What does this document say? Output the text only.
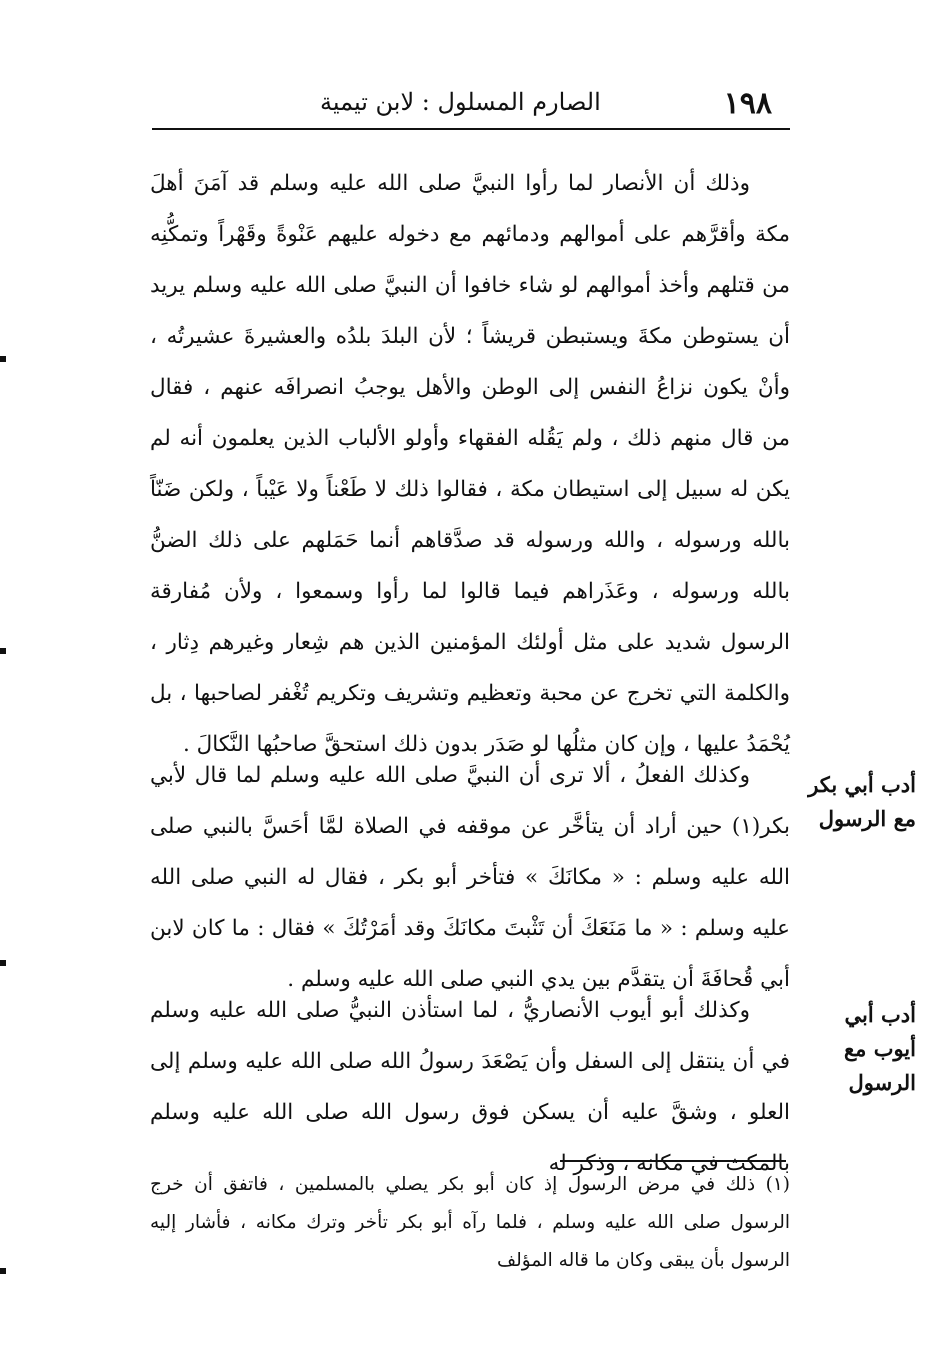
١٩٨
الصارم المسلول : لابن تيمية
وذلك أن الأنصار لما رأوا النبيَّ صلى الله عليه وسلم قد آمَنَ أهلَ مكة وأقرَّهم على أموالهم ودمائهم مع دخوله عليهم عَنْوةً وقَهْراً وتمكُّنِه من قتلهم وأخذ أموالهم لو شاء خافوا أن النبيَّ صلى الله عليه وسلم يريد أن يستوطن مكةَ ويستبطن قريشاً ؛ لأن البلدَ بلدُه والعشيرةَ عشيرتُه ، وأنْ يكون نزاعُ النفس إلى الوطن والأهل يوجبُ انصرافَه عنهم ، فقال من قال منهم ذلك ، ولم يَقُله الفقهاء وأولو الألباب الذين يعلمون أنه لم يكن له سبيل إلى استيطان مكة ، فقالوا ذلك لا طَعْناً ولا عَيْباً ، ولكن ضَنّاً بالله ورسوله ، والله ورسوله قد صدَّقاهم أنما حَمَلهم على ذلك الضنُّ بالله ورسوله ، وعَذَراهم فيما قالوا لما رأوا وسمعوا ، ولأن مُفارقة الرسول شديد على مثل أولئك المؤمنين الذين هم شِعار وغيرهم دِثار ، والكلمة التي تخرج عن محبة وتعظيم وتشريف وتكريم تُغْفر لصاحبها ، بل يُحْمَدُ عليها ، وإن كان مثلُها لو صَدَر بدون ذلك استحقَّ صاحبُها النَّكالَ .
أدب أبي بكر مع الرسول
وكذلك الفعلُ ، ألا ترى أن النبيَّ صلى الله عليه وسلم لما قال لأبي بكر(١) حين أراد أن يتأخَّر عن موقفه في الصلاة لمَّا أحَسَّ بالنبي صلى الله عليه وسلم : « مكانَكَ » فتأخر أبو بكر ، فقال له النبي صلى الله عليه وسلم : « ما مَنَعَكَ أن تَثْبتَ مكانَكَ وقد أمَرْتُكَ » فقال : ما كان لابن أبي قُحافَةَ أن يتقدَّم بين يدي النبي صلى الله عليه وسلم .
أدب أبي أيوب مع الرسول
وكذلك أبو أيوب الأنصاريُّ ، لما استأذن النبيُّ صلى الله عليه وسلم في أن ينتقل إلى السفل وأن يَصْعَدَ رسولُ الله صلى الله عليه وسلم إلى العلو ، وشقَّ عليه أن يسكن فوق رسول الله صلى الله عليه وسلم بالمكث في مكانه ، وذكر له
(١) ذلك في مرض الرسول إذ كان أبو بكر يصلي بالمسلمين ، فاتفق أن خرج الرسول صلى الله عليه وسلم ، فلما رآه أبو بكر تأخر وترك مكانه ، فأشار إليه الرسول بأن يبقى وكان ما قاله المؤلف
